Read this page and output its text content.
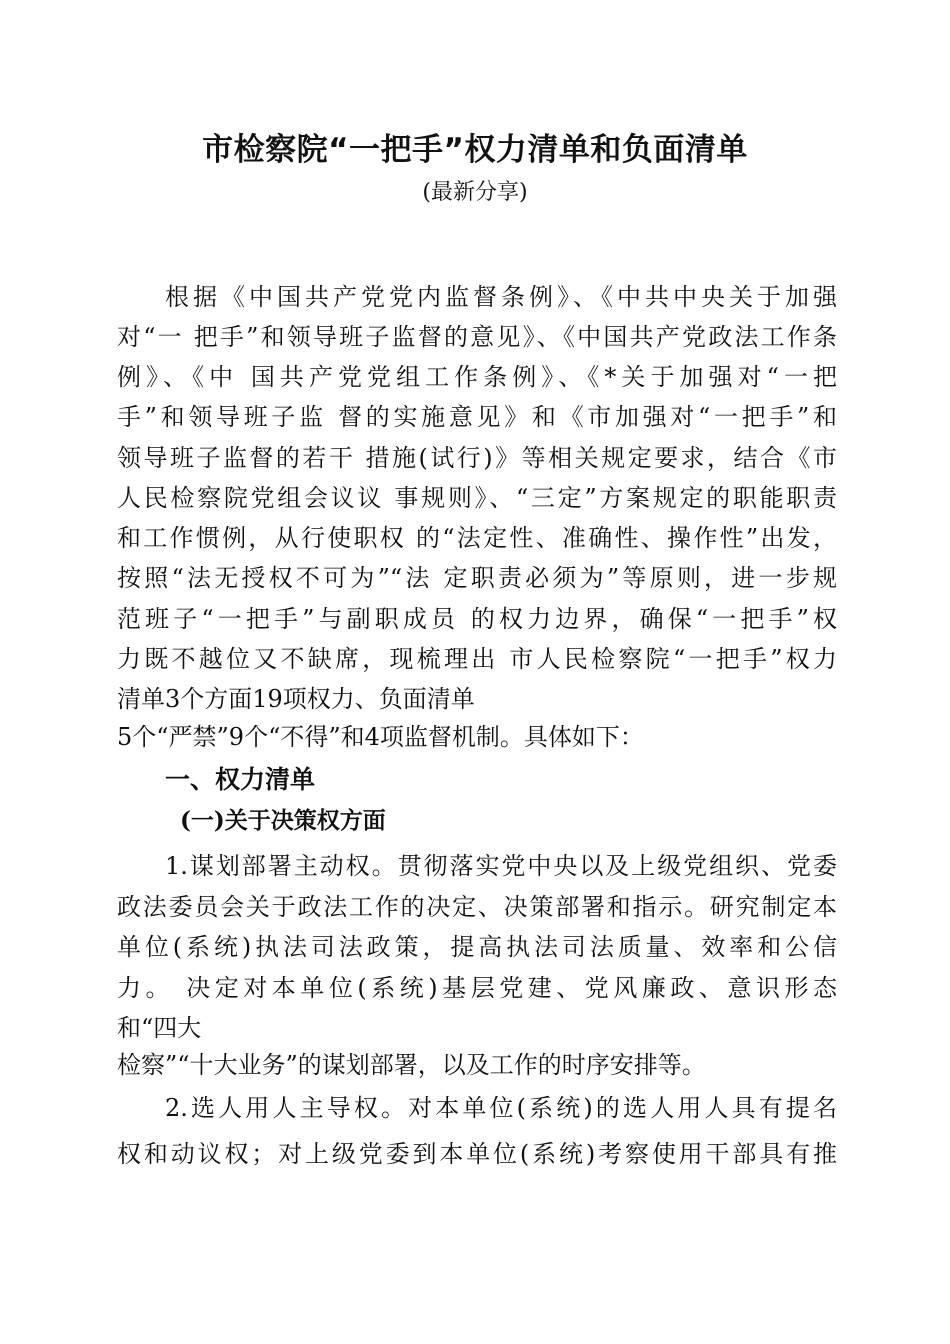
市检察院“一把手”权力清单和负面清单
(最新分享)
根据《中国共产党党内监督条例》、《中共中央关于加强
对“一 把手”和领导班子监督的意见》、《中国共产党政法工作条
例》、《中 国共产党党组工作条例》、《*关于加强对“一把
手”和领导班子监 督的实施意见》和《市加强对“一把手”和
领导班子监督的若干 措施(试行)》等相关规定要求，结合《市
人民检察院党组会议议 事规则》、“三定”方案规定的职能职责
和工作惯例，从行使职权 的“法定性、准确性、操作性”出发，
按照“法无授权不可为”“法 定职责必须为”等原则，进一步规
范班子“一把手”与副职成员 的权力边界，确保“一把手”权
力既不越位又不缺席，现梳理出 市人民检察院“一把手”权力
清单3个方面19项权力、负面清单
5个“严禁”9个“不得”和4项监督机制。具体如下：
一、权力清单
(一)关于决策权方面
1.谋划部署主动权。贯彻落实党中央以及上级党组织、党委
政法委员会关于政法工作的决定、决策部署和指示。研究制定本
单位(系统)执法司法政策，提高执法司法质量、效率和公信
力。 决定对本单位(系统)基层党建、党风廉政、意识形态
和“四大
检察”“十大业务”的谋划部署，以及工作的时序安排等。
2.选人用人主导权。对本单位(系统)的选人用人具有提名
权和动议权；对上级党委到本单位(系统)考察使用干部具有推
